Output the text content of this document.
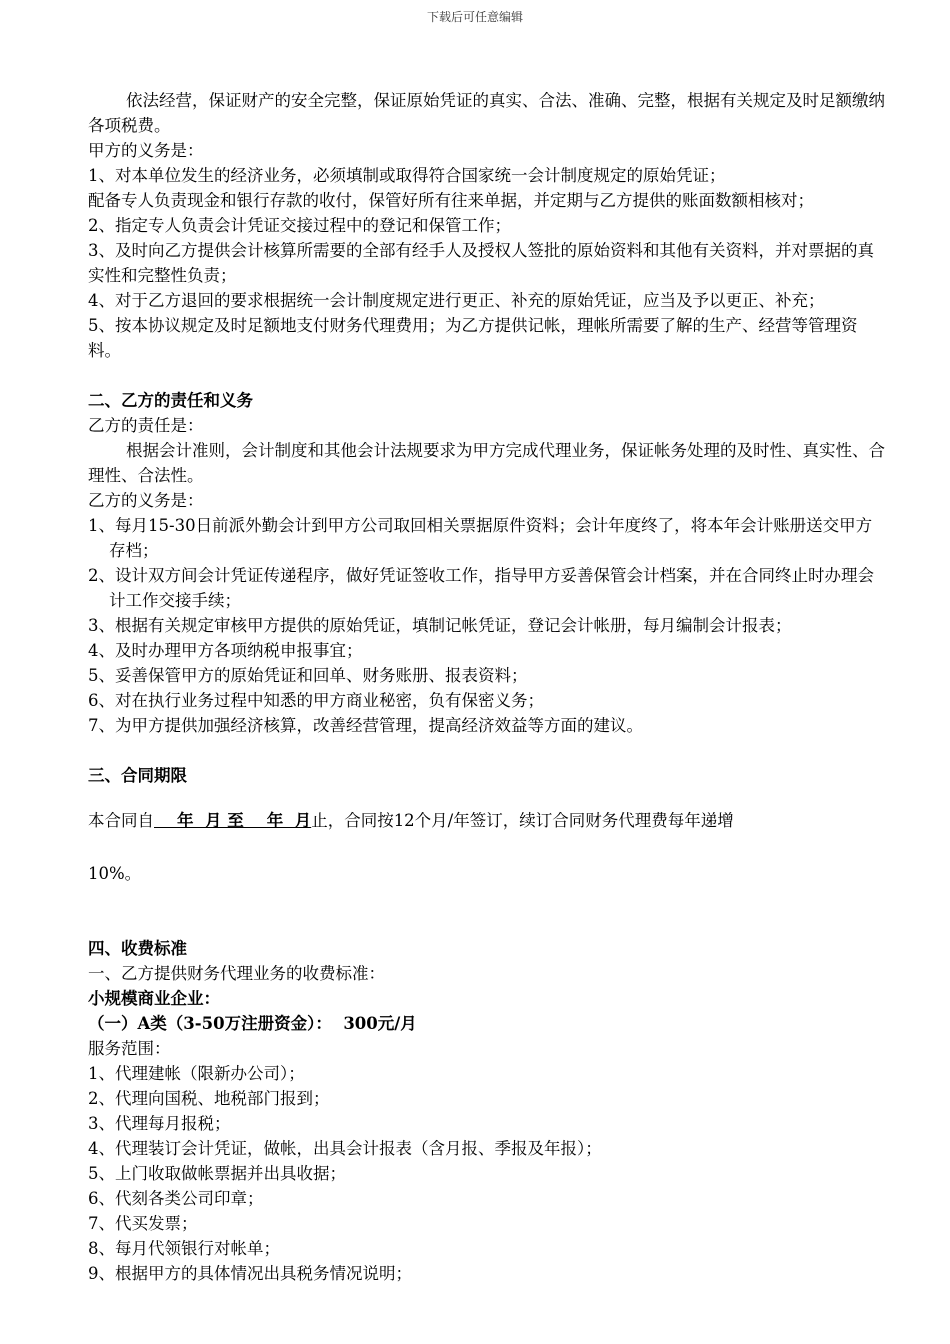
下载后可任意编辑

依法经营，保证财产的安全完整，保证原始凭证的真实、合法、准确、完整，根据有关规定及时足额缴纳各项税费。

甲方的义务是：

1、对本单位发生的经济业务，必须填制或取得符合国家统一会计制度规定的原始凭证；

配备专人负责现金和银行存款的收付，保管好所有往来单据，并定期与乙方提供的账面数额相核对；

2、指定专人负责会计凭证交接过程中的登记和保管工作；

3、及时向乙方提供会计核算所需要的全部有经手人及授权人签批的原始资料和其他有关资料，并对票据的真实性和完整性负责；

4、对于乙方退回的要求根据统一会计制度规定进行更正、补充的原始凭证，应当及予以更正、补充；

5、按本协议规定及时足额地支付财务代理费用；为乙方提供记帐，理帐所需要了解的生产、经营等管理资料。

二、乙方的责任和义务

乙方的责任是：

根据会计准则，会计制度和其他会计法规要求为甲方完成代理业务，保证帐务处理的及时性、真实性、合理性、合法性。

乙方的义务是：

1、每月15-30日前派外勤会计到甲方公司取回相关票据原件资料；会计年度终了，将本年会计账册送交甲方存档；

2、设计双方间会计凭证传递程序，做好凭证签收工作，指导甲方妥善保管会计档案，并在合同终止时办理会计工作交接手续；

3、根据有关规定审核甲方提供的原始凭证，填制记帐凭证，登记会计帐册，每月编制会计报表；

4、及时办理甲方各项纳税申报事宜；

5、妥善保管甲方的原始凭证和回单、财务账册、报表资料；

6、对在执行业务过程中知悉的甲方商业秘密，负有保密义务；

7、为甲方提供加强经济核算，改善经营管理，提高经济效益等方面的建议。

三、合同期限

本合同自    年  月 至    年  月止，合同按12个月/年签订，续订合同财务代理费每年递增

10%。

四、收费标准

一、乙方提供财务代理业务的收费标准：

小规模商业企业：

（一）A类（3-50万注册资金）：  300元/月

服务范围：

1、代理建帐（限新办公司）；

2、代理向国税、地税部门报到；

3、代理每月报税；

4、代理装订会计凭证，做帐，出具会计报表（含月报、季报及年报）；

5、上门收取做帐票据并出具收据；

6、代刻各类公司印章；

7、代买发票；

8、每月代领银行对帐单；

9、根据甲方的具体情况出具税务情况说明；
